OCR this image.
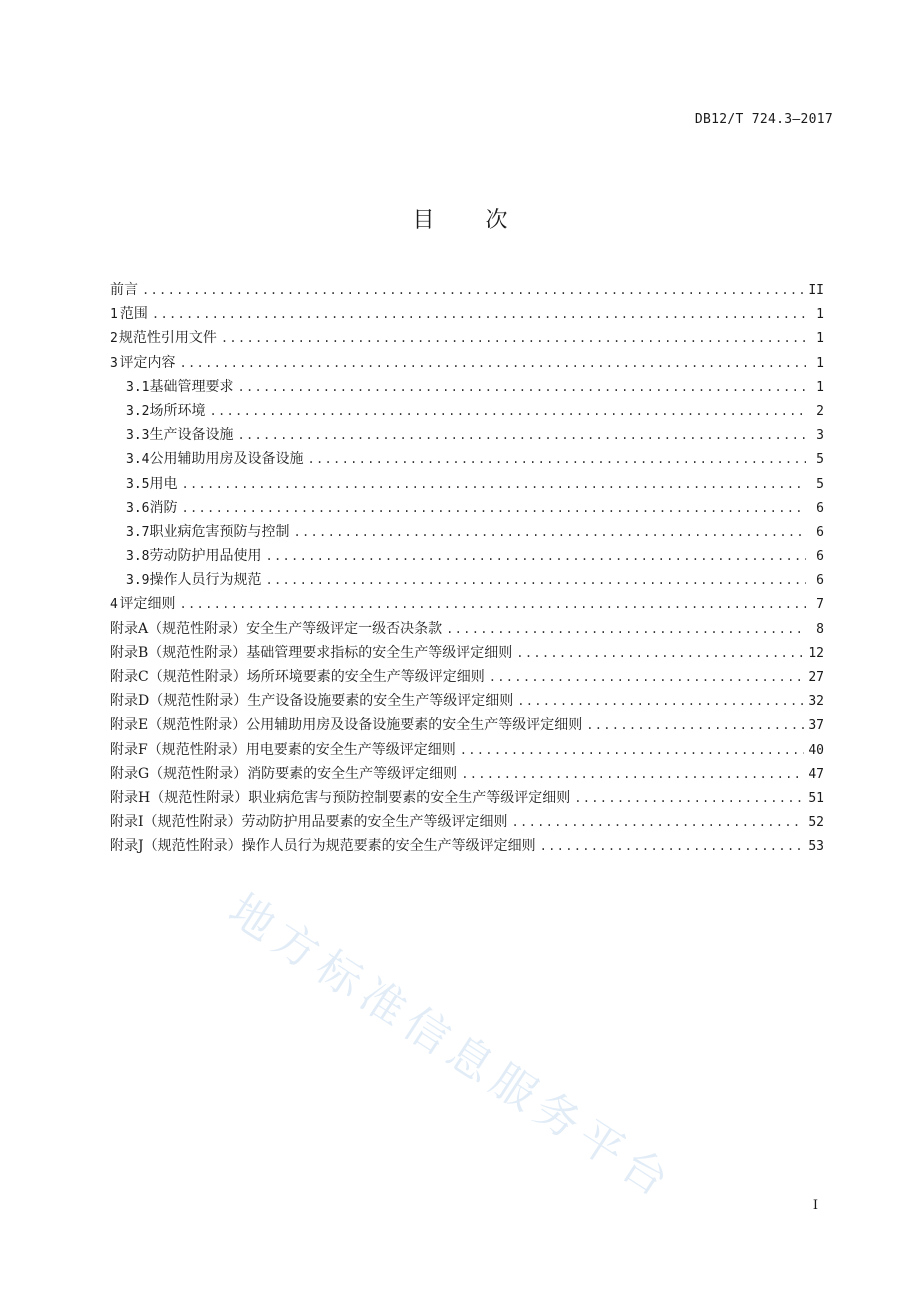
DB12/T 724.3—2017
目 次
前言 .....	II
1 范围 .....	1
2 规范性引用文件 .....	1
3 评定内容 .....	1
3.1 基础管理要求 .....	1
3.2 场所环境 .....	2
3.3 生产设备设施 .....	3
3.4 公用辅助用房及设备设施 .....	5
3.5 用电 .....	5
3.6 消防 .....	6
3.7 职业病危害预防与控制 .....	6
3.8 劳动防护用品使用 .....	6
3.9 操作人员行为规范 .....	6
4 评定细则 .....	7
附录A（规范性附录） 安全生产等级评定一级否决条款 .....	8
附录B（规范性附录） 基础管理要求指标的安全生产等级评定细则 .....	12
附录C（规范性附录） 场所环境要素的安全生产等级评定细则 .....	27
附录D（规范性附录） 生产设备设施要素的安全生产等级评定细则 .....	32
附录E（规范性附录） 公用辅助用房及设备设施要素的安全生产等级评定细则 .....	37
附录F（规范性附录） 用电要素的安全生产等级评定细则 .....	40
附录G（规范性附录） 消防要素的安全生产等级评定细则 .....	47
附录H（规范性附录） 职业病危害与预防控制要素的安全生产等级评定细则 .....	51
附录I（规范性附录） 劳动防护用品要素的安全生产等级评定细则 .....	52
附录J（规范性附录） 操作人员行为规范要素的安全生产等级评定细则 .....	53
地方标准信息服务平台	I
